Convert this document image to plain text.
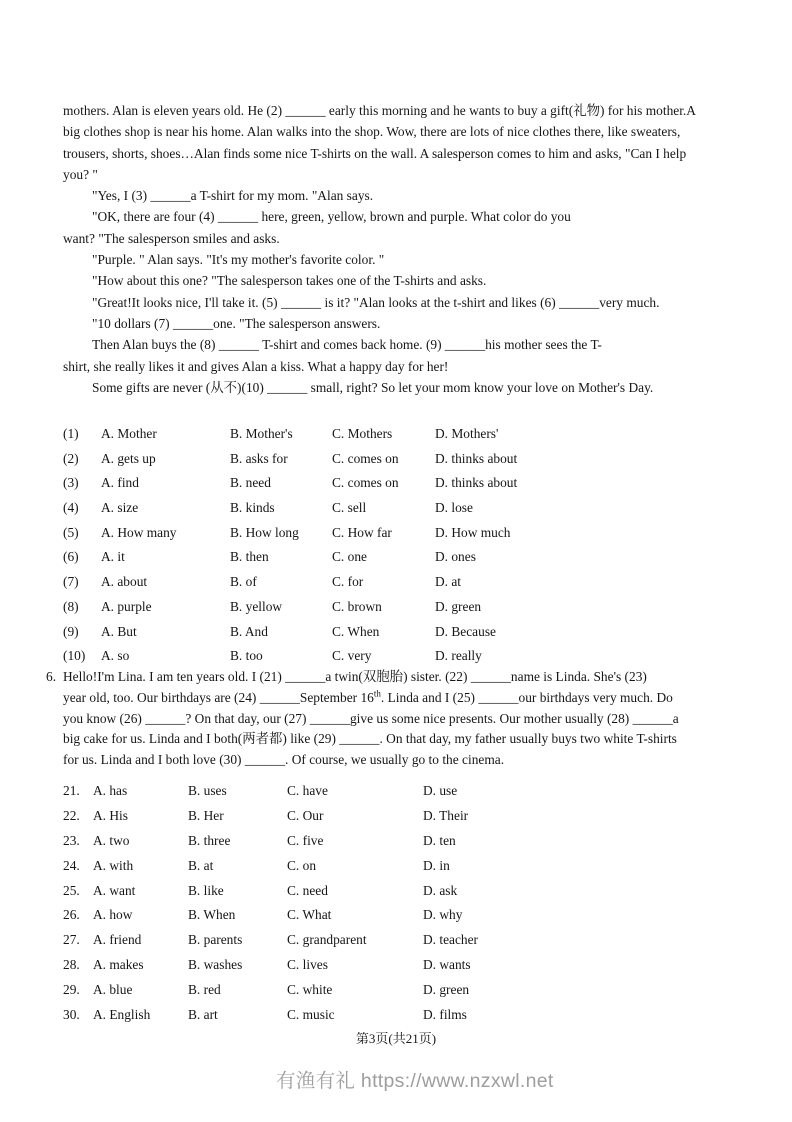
mothers. Alan is eleven years old. He (2) ______ early this morning and he wants to buy a gift(礼物) for his mother.A
big clothes shop is near his home. Alan walks into the shop. Wow, there are lots of nice clothes there, like sweaters,
trousers, shorts, shoes…Alan finds some nice T-shirts on the wall. A salesperson comes to him and asks, "Can I help
you? "
"Yes, I (3) ______a T-shirt for my mom. "Alan says.
"OK, there are four (4) ______ here, green, yellow, brown and purple. What color do you
want? "The salesperson smiles and asks.
"Purple. " Alan says. "It's my mother's favorite color. "
"How about this one? "The salesperson takes one of the T-shirts and asks.
"Great!It looks nice, I'll take it. (5) ______ is it? "Alan looks at the t-shirt and likes (6) ______very much.
"10 dollars (7) ______one. "The salesperson answers.
Then Alan buys the (8) ______ T-shirt and comes back home. (9) ______his mother sees the T-
shirt, she really likes it and gives Alan a kiss. What a happy day for her!
Some gifts are never (从不)(10) ______ small, right? So let your mom know your love on Mother's Day.
(1)	A. Mother	B. Mother's	C. Mothers	D. Mothers'
(2)	A. gets up	B. asks for	C. comes on	D. thinks about
(3)	A. find	B. need	C. comes on	D. thinks about
(4)	A. size	B. kinds	C. sell	D. lose
(5)	A. How many	B. How long	C. How far	D. How much
(6)	A. it	B. then	C. one	D. ones
(7)	A. about	B. of	C. for	D. at
(8)	A. purple	B. yellow	C. brown	D. green
(9)	A. But	B. And	C. When	D. Because
(10)	A. so	B. too	C. very	D. really
6. Hello!I'm Lina. I am ten years old. I (21) ______a twin(双胞胎) sister. (22) ______name is Linda. She's (23)
year old, too. Our birthdays are (24) ______September 16th. Linda and I (25) ______our birthdays very much. Do
you know (26) ______? On that day, our (27) ______give us some nice presents. Our mother usually (28) ______a
big cake for us. Linda and I both(两者都) like (29) ______. On that day, my father usually buys two white T-shirts
for us. Linda and I both love (30) ______. Of course, we usually go to the cinema.
21. A. has	B. uses	C. have	D. use
22. A. His	B. Her	C. Our	D. Their
23. A. two	B. three	C. five	D. ten
24. A. with	B. at	C. on	D. in
25. A. want	B. like	C. need	D. ask
26. A. how	B. When	C. What	D. why
27. A. friend	B. parents	C. grandparent	D. teacher
28. A. makes	B. washes	C. lives	D. wants
29. A. blue	B. red	C. white	D. green
30. A. English	B. art	C. music	D. films
第3页(共21页)
有渔有礼 https://www.nzxwl.net
